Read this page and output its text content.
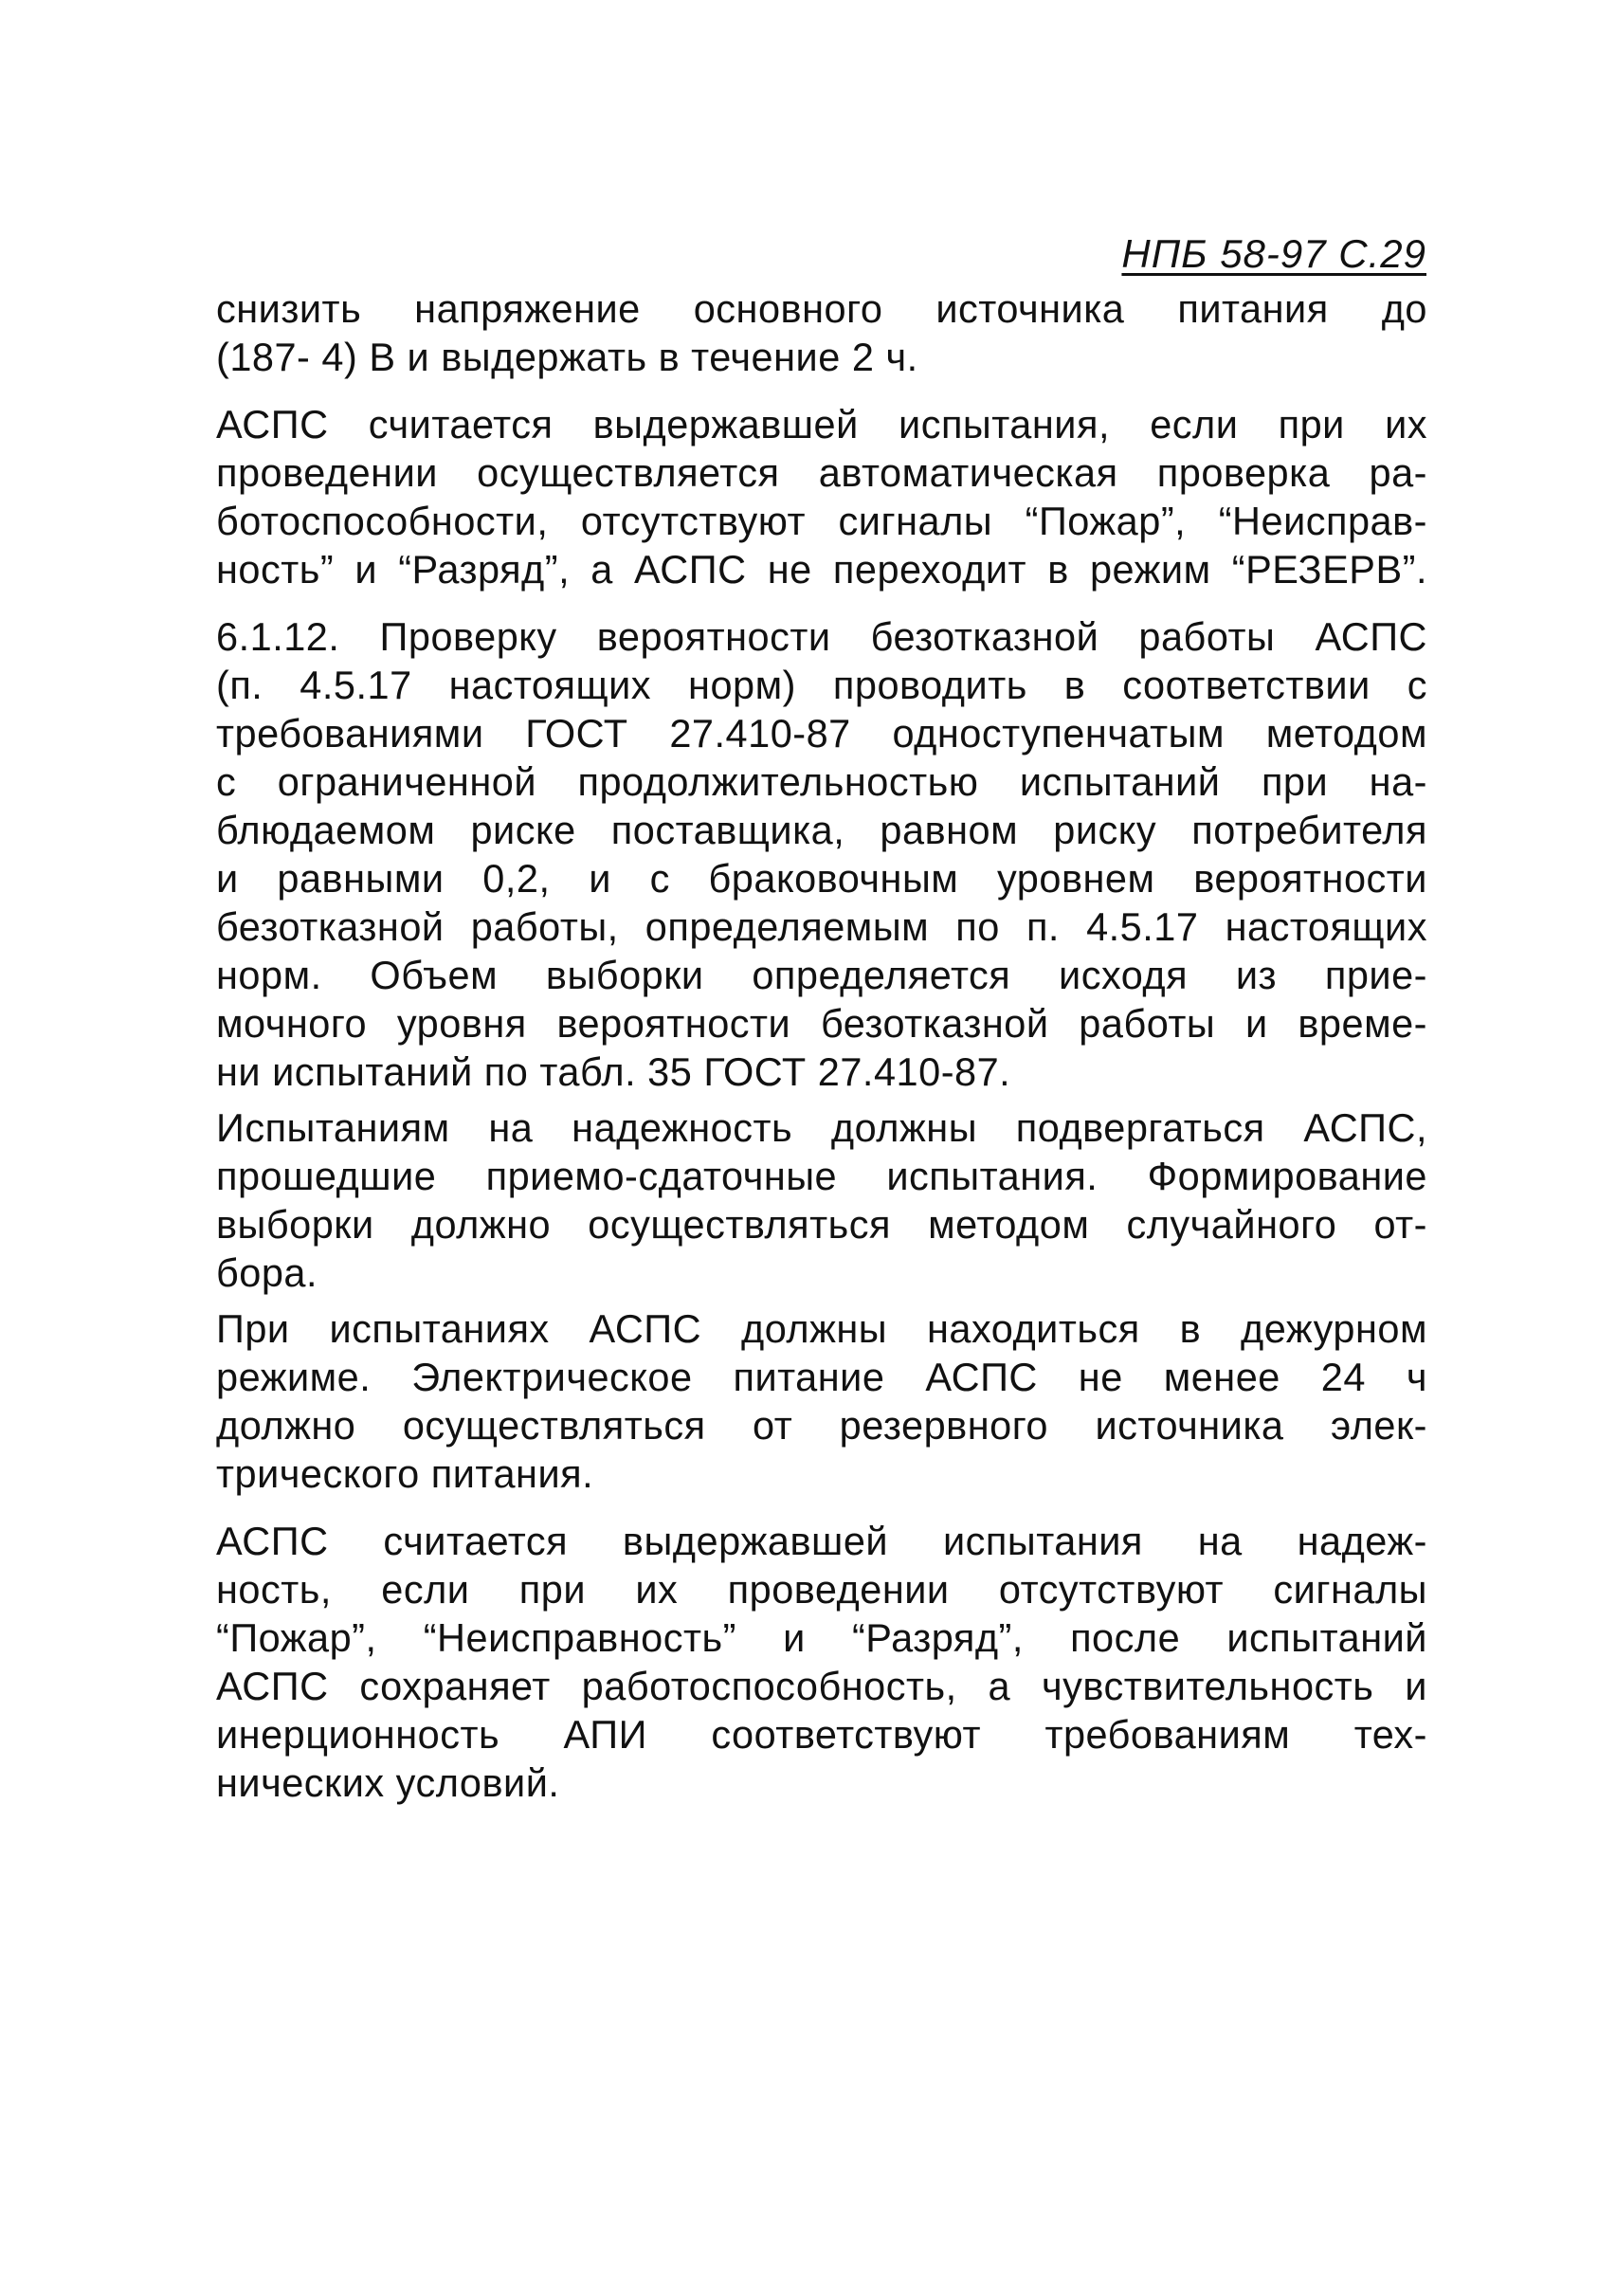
НПБ 58-97 С.29
снизить напряжение основного источника питания до
(187- 4) В и выдержать в течение 2 ч.
АСПС считается выдержавшей испытания, если при их
проведении осуществляется автоматическая проверка ра-
ботоспособности, отсутствуют сигналы “Пожар”, “Неисправ-
ность” и “Разряд”, а АСПС не переходит в режим “РЕЗЕРВ”.
6.1.12. Проверку вероятности безотказной работы АСПС
(п. 4.5.17 настоящих норм) проводить в соответствии с
требованиями ГОСТ 27.410-87 одноступенчатым методом
с ограниченной продолжительностью испытаний при на-
блюдаемом риске поставщика, равном риску потребителя
и равными 0,2, и с браковочным уровнем вероятности
безотказной работы, определяемым по п. 4.5.17 настоящих
норм. Объем выборки определяется исходя из прие-
мочного уровня вероятности безотказной работы и време-
ни испытаний по табл. 35 ГОСТ 27.410-87.
Испытаниям на надежность должны подвергаться АСПС,
прошедшие приемо-сдаточные испытания. Формирование
выборки должно осуществляться методом случайного от-
бора.
При испытаниях АСПС должны находиться в дежурном
режиме. Электрическое питание АСПС не менее 24 ч
должно осуществляться от резервного источника элек-
трического питания.
АСПС считается выдержавшей испытания на надеж-
ность, если при их проведении отсутствуют сигналы
“Пожар”, “Неисправность” и “Разряд”, после испытаний
АСПС сохраняет работоспособность, а чувствительность и
инерционность АПИ соответствуют требованиям тех-
нических условий.
